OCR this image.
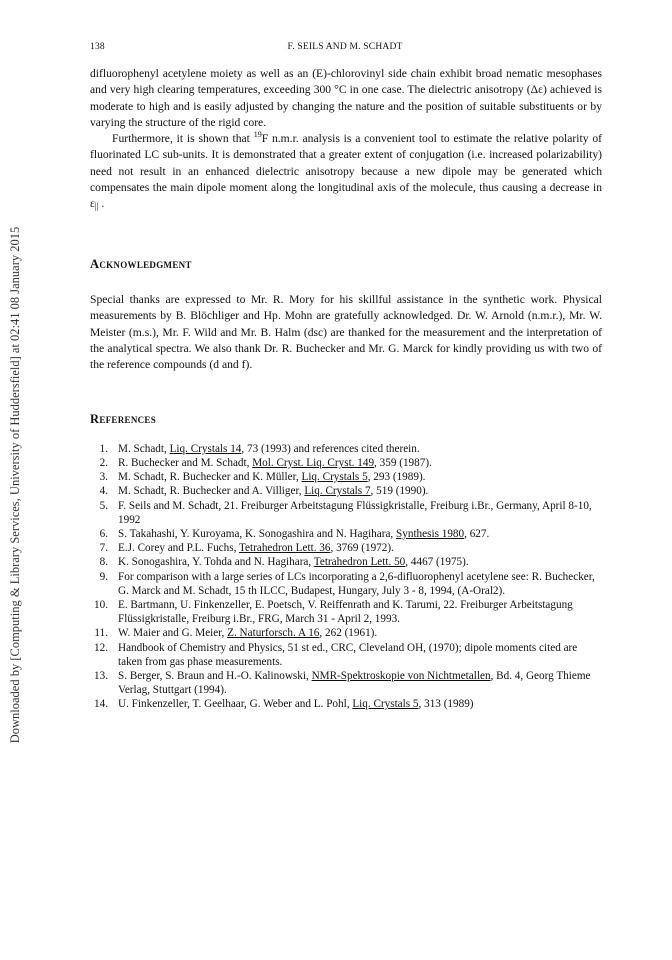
Downloaded by [Computing & Library Services, University of Huddersfield] at 02:41 08 January 2015
138	F. SEILS AND M. SCHADT

difluorophenyl acetylene moiety as well as an (E)-chlorovinyl side chain exhibit broad nematic mesophases and very high clearing temperatures, exceeding 300 °C in one case. The dielectric anisotropy (Δε) achieved is moderate to high and is easily adjusted by changing the nature and the position of suitable substituents or by varying the structure of the rigid core.

Furthermore, it is shown that $^{19}$F n.m.r. analysis is a convenient tool to estimate the relative polarity of fluorinated LC sub-units. It is demonstrated that a greater extent of conjugation (i.e. increased polarizability) need not result in an enhanced dielectric anisotropy because a new dipole may be generated which compensates the main dipole moment along the longitudinal axis of the molecule, thus causing a decrease in $\varepsilon_{||}$ .

Acknowledgment

Special thanks are expressed to Mr. R. Mory for his skillful assistance in the synthetic work. Physical measurements by B. Blöchliger and Hp. Mohn are gratefully acknowledged. Dr. W. Arnold (n.m.r.), Mr. W. Meister (m.s.), Mr. F. Wild and Mr. B. Halm (dsc) are thanked for the measurement and the interpretation of the analytical spectra. We also thank Dr. R. Buchecker and Mr. G. Marck for kindly providing us with two of the reference compounds (d and f).

References
1. M. Schadt, Liq. Crystals 14, 73 (1993) and references cited therein.
2. R. Buchecker and M. Schadt, Mol. Cryst. Liq. Cryst. 149, 359 (1987).
3. M. Schadt, R. Buchecker and K. Müller, Liq. Crystals 5, 293 (1989).
4. M. Schadt, R. Buchecker and A. Villiger, Liq. Crystals 7, 519 (1990).
5. F. Seils and M. Schadt, 21. Freiburger Arbeitstagung Flüssigkristalle, Freiburg i.Br., Germany, April 8-10, 1992
6. S. Takahashi, Y. Kuroyama, K. Sonogashira and N. Hagihara, Synthesis 1980, 627.
7. E.J. Corey and P.L. Fuchs, Tetrahedron Lett. 36, 3769 (1972).
8. K. Sonogashira, Y. Tohda and N. Hagihara, Tetrahedron Lett. 50, 4467 (1975).
9. For comparison with a large series of LCs incorporating a 2,6-difluorophenyl acetylene see: R. Buchecker, G. Marck and M. Schadt, 15 th ILCC, Budapest, Hungary, July 3 - 8, 1994, (A-Oral2).
10. E. Bartmann, U. Finkenzeller, E. Poetsch, V. Reiffenrath and K. Tarumi, 22. Freiburger Arbeitstagung Flüssigkristalle, Freiburg i.Br., FRG, March 31 - April 2, 1993.
11. W. Maier and G. Meier, Z. Naturforsch. A 16, 262 (1961).
12. Handbook of Chemistry and Physics, 51 st ed., CRC, Cleveland OH, (1970); dipole moments cited are taken from gas phase measurements.
13. S. Berger, S. Braun and H.-O. Kalinowski, NMR-Spektroskopie von Nichtmetallen, Bd. 4, Georg Thieme Verlag, Stuttgart (1994).
14. U. Finkenzeller, T. Geelhaar, G. Weber and L. Pohl, Liq. Crystals 5, 313 (1989)
